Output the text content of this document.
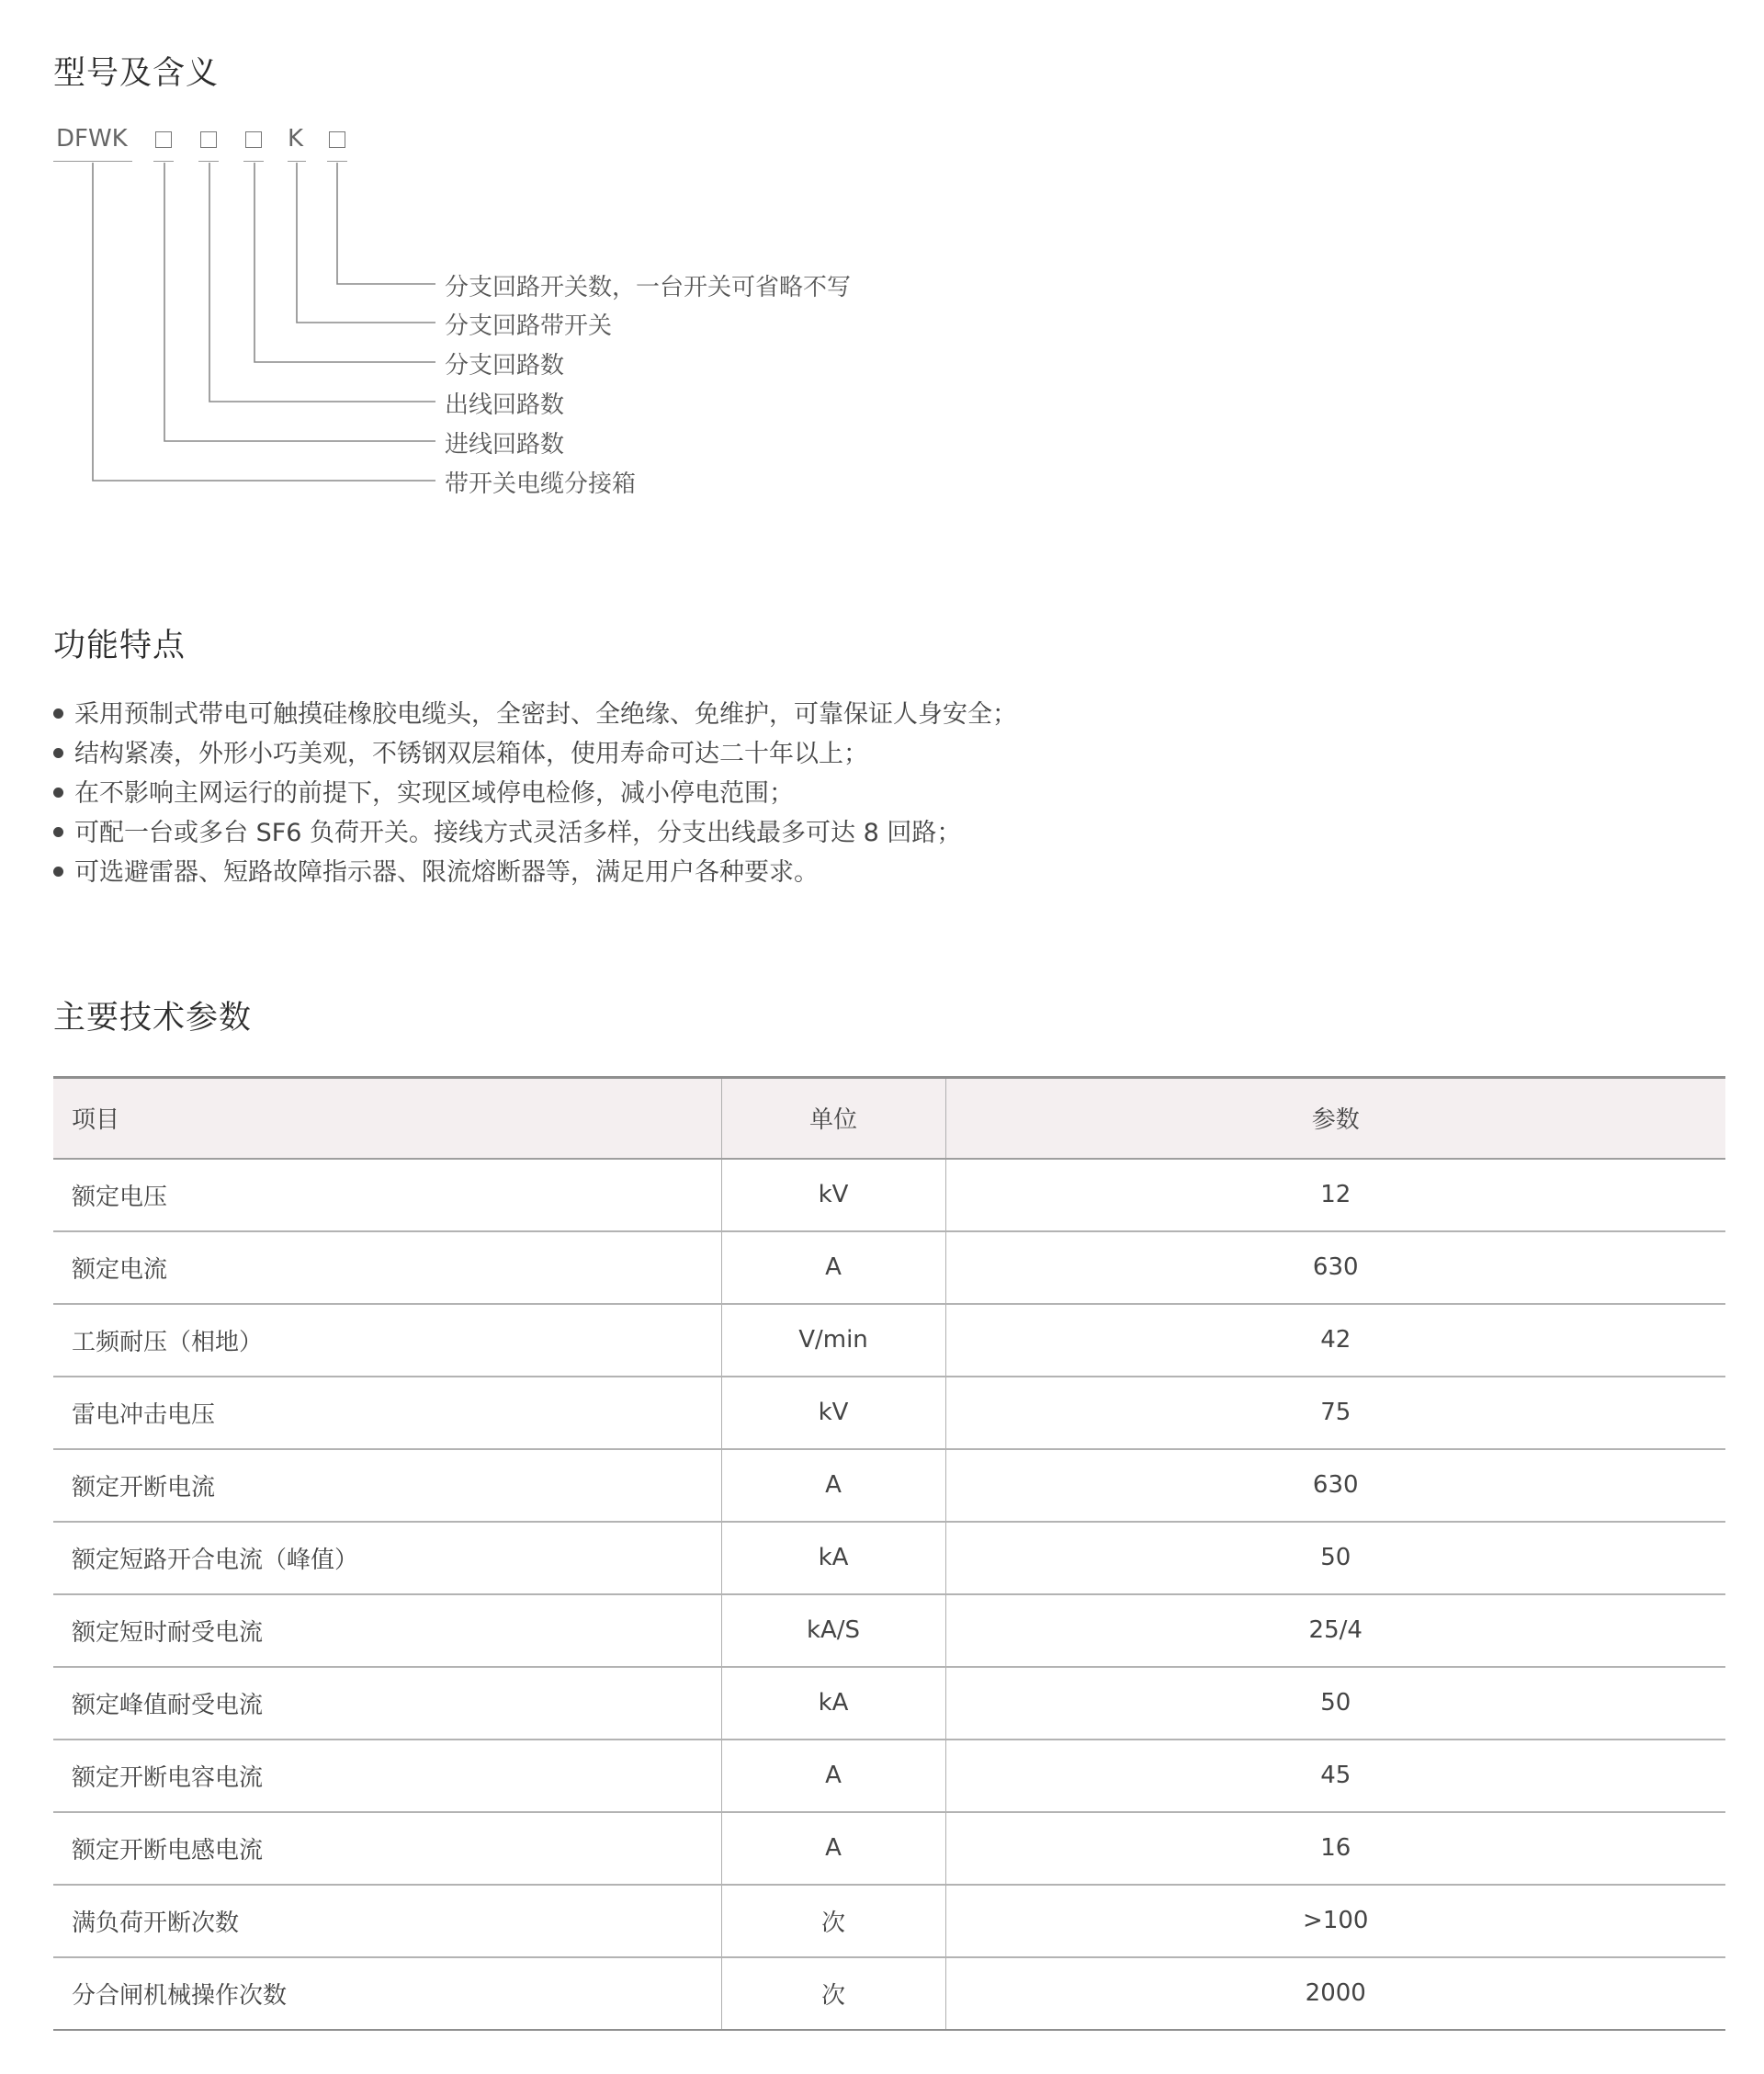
型号及含义
DFWK	K
分支回路开关数，一台开关可省略不写
分支回路带开关
分支回路数
出线回路数
进线回路数
带开关电缆分接箱
功能特点
采用预制式带电可触摸硅橡胶电缆头，全密封、全绝缘、免维护，可靠保证人身安全；
结构紧凑，外形小巧美观，不锈钢双层箱体，使用寿命可达二十年以上；
在不影响主网运行的前提下，实现区域停电检修，减小停电范围；
可配一台或多台 SF6 负荷开关。接线方式灵活多样，分支出线最多可达 8 回路；
可选避雷器、短路故障指示器、限流熔断器等，满足用户各种要求。
主要技术参数
项目	单位	参数
额定电压	kV	12
额定电流	A	630
工频耐压（相地）	V/min	42
雷电冲击电压	kV	75
额定开断电流	A	630
额定短路开合电流（峰值）	kA	50
额定短时耐受电流	kA/S	25/4
额定峰值耐受电流	kA	50
额定开断电容电流	A	45
额定开断电感电流	A	16
满负荷开断次数	次	>100
分合闸机械操作次数	次	2000
